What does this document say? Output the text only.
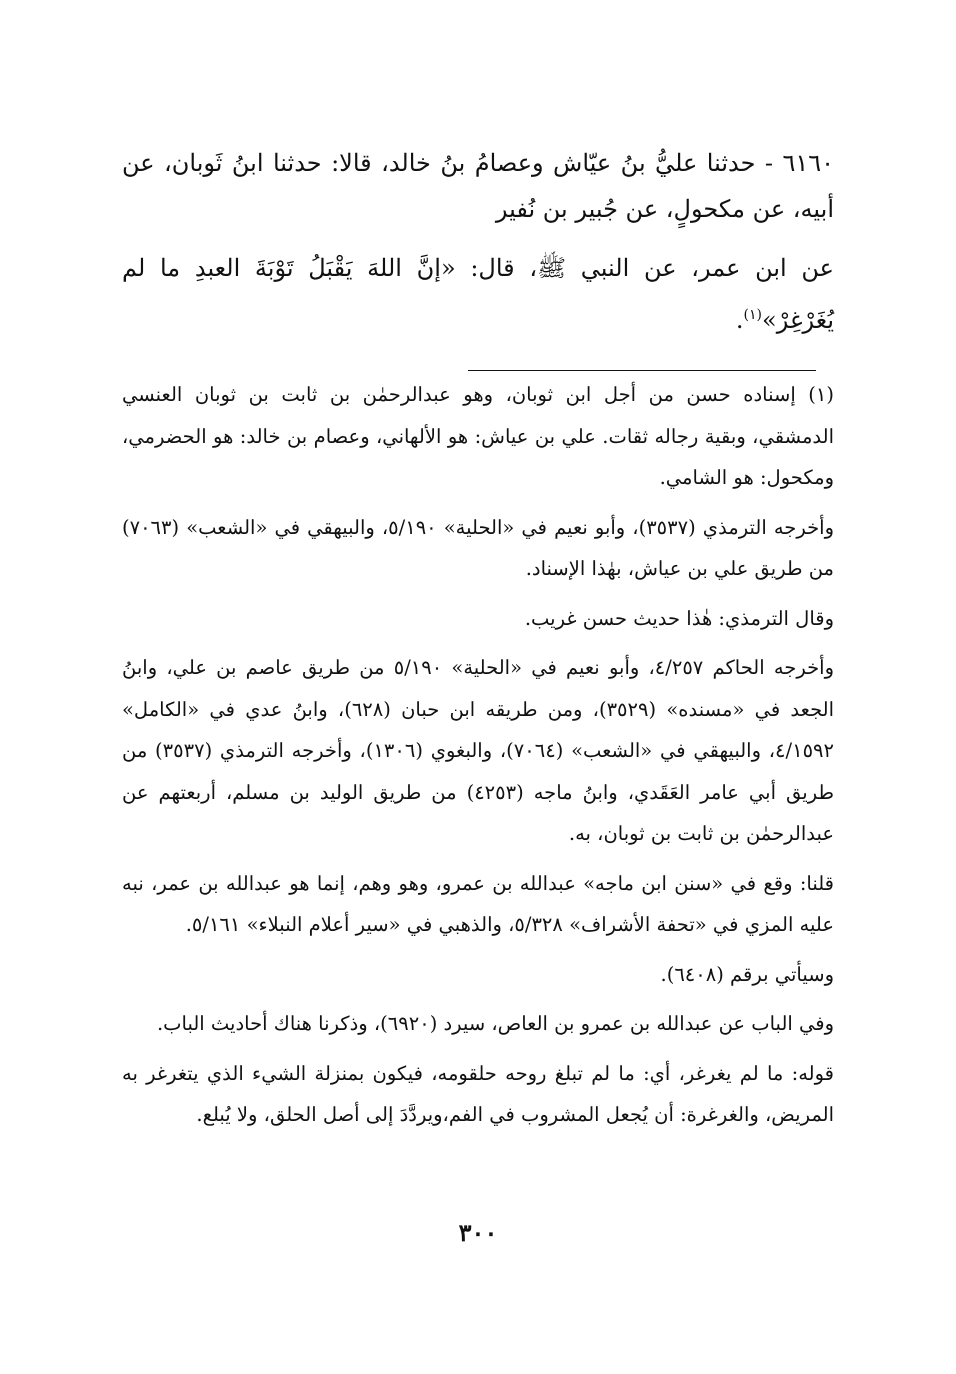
٦١٦٠ - حدثنا عليُّ بنُ عيّاش وعصامُ بنُ خالد، قالا: حدثنا ابنُ ثَوبان، عن أبيه، عن مكحولٍ، عن جُبير بن نُفير

عن ابن عمر، عن النبي ﷺ، قال: «إنَّ اللهَ يَقْبَلُ تَوْبَةَ العبدِ ما لم يُغَرْغِرْ»$^{(١)}$.

(١) إسناده حسن من أجل ابن ثوبان، وهو عبدالرحمٰن بن ثابت بن ثوبان العنسي الدمشقي، وبقية رجاله ثقات. علي بن عياش: هو الألهاني، وعصام بن خالد: هو الحضرمي، ومكحول: هو الشامي.

وأخرجه الترمذي (٣٥٣٧)، وأبو نعيم في «الحلية» ٥/١٩٠، والبيهقي في «الشعب» (٧٠٦٣) من طريق علي بن عياش، بهٰذا الإسناد.

وقال الترمذي: هٰذا حديث حسن غريب.

وأخرجه الحاكم ٤/٢٥٧، وأبو نعيم في «الحلية» ٥/١٩٠ من طريق عاصم بن علي، وابنُ الجعد في «مسنده» (٣٥٢٩)، ومن طريقه ابن حبان (٦٢٨)، وابنُ عدي في «الكامل» ٤/١٥٩٢، والبيهقي في «الشعب» (٧٠٦٤)، والبغوي (١٣٠٦)، وأخرجه الترمذي (٣٥٣٧) من طريق أبي عامر العَقَدي، وابنُ ماجه (٤٢٥٣) من طريق الوليد بن مسلم، أربعتهم عن عبدالرحمٰن بن ثابت بن ثوبان، به.

قلنا: وقع في «سنن ابن ماجه» عبدالله بن عمرو، وهو وهم، إنما هو عبدالله بن عمر، نبه عليه المزي في «تحفة الأشراف» ٥/٣٢٨، والذهبي في «سير أعلام النبلاء» ٥/١٦١.

وسيأتي برقم (٦٤٠٨).

وفي الباب عن عبدالله بن عمرو بن العاص، سيرد (٦٩٢٠)، وذكرنا هناك أحاديث الباب.

قوله: ما لم يغرغر، أي: ما لم تبلغ روحه حلقومه، فيكون بمنزلة الشيء الذي يتغرغر به المريض، والغرغرة: أن يُجعل المشروب في الفم،ويردَّدَ إلى أصل الحلق، ولا يُبلع.

٣٠٠
